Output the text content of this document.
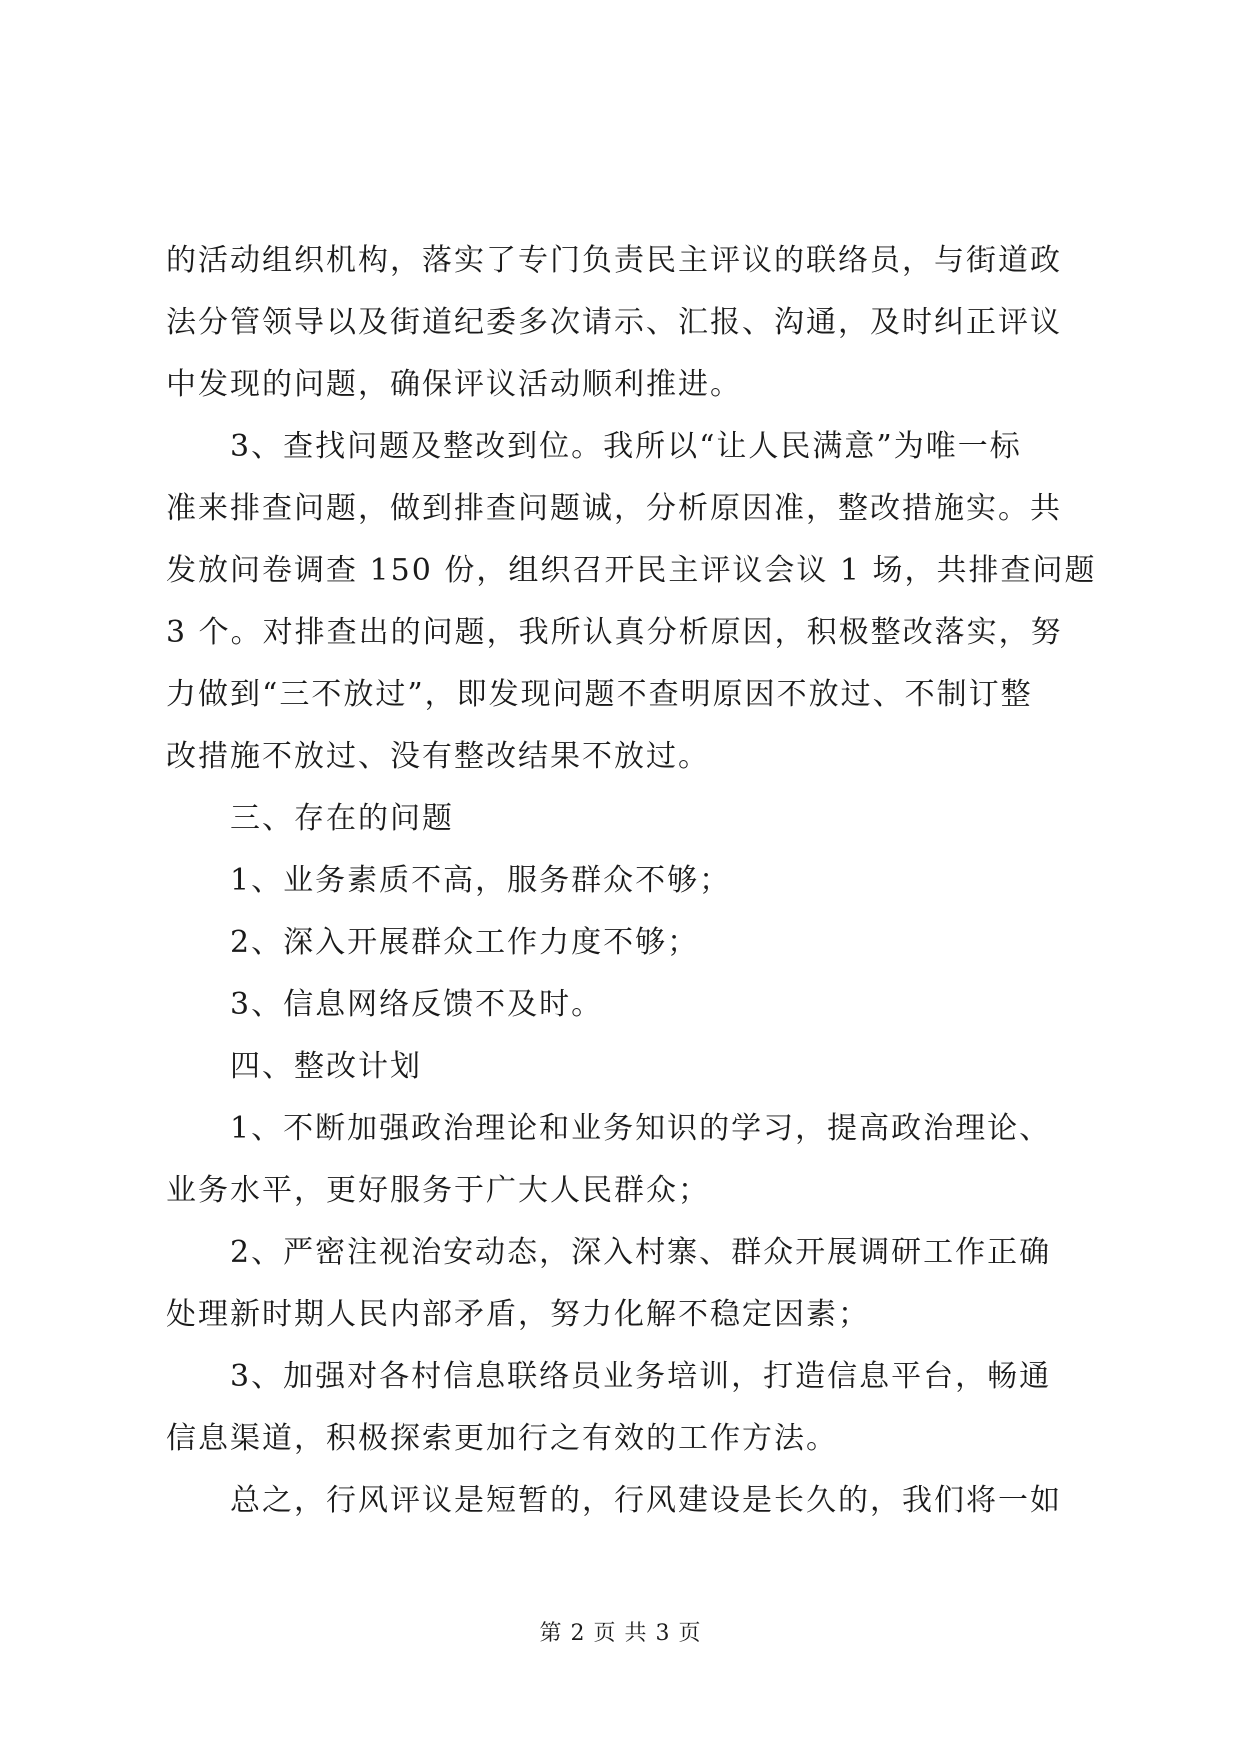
的活动组织机构，落实了专门负责民主评议的联络员，与街道政
法分管领导以及街道纪委多次请示、汇报、沟通，及时纠正评议
中发现的问题，确保评议活动顺利推进。
3、查找问题及整改到位。我所以“让人民满意”为唯一标
准来排查问题，做到排查问题诚，分析原因准，整改措施实。共
发放问卷调查 150 份，组织召开民主评议会议 1 场，共排查问题
3 个。对排查出的问题，我所认真分析原因，积极整改落实，努
力做到“三不放过”，即发现问题不查明原因不放过、不制订整
改措施不放过、没有整改结果不放过。
三、存在的问题
1、业务素质不高，服务群众不够；
2、深入开展群众工作力度不够；
3、信息网络反馈不及时。
四、整改计划
1、不断加强政治理论和业务知识的学习，提高政治理论、
业务水平，更好服务于广大人民群众；
2、严密注视治安动态，深入村寨、群众开展调研工作正确
处理新时期人民内部矛盾，努力化解不稳定因素；
3、加强对各村信息联络员业务培训，打造信息平台，畅通
信息渠道，积极探索更加行之有效的工作方法。
总之，行风评议是短暂的，行风建设是长久的，我们将一如
第 2 页 共 3 页
